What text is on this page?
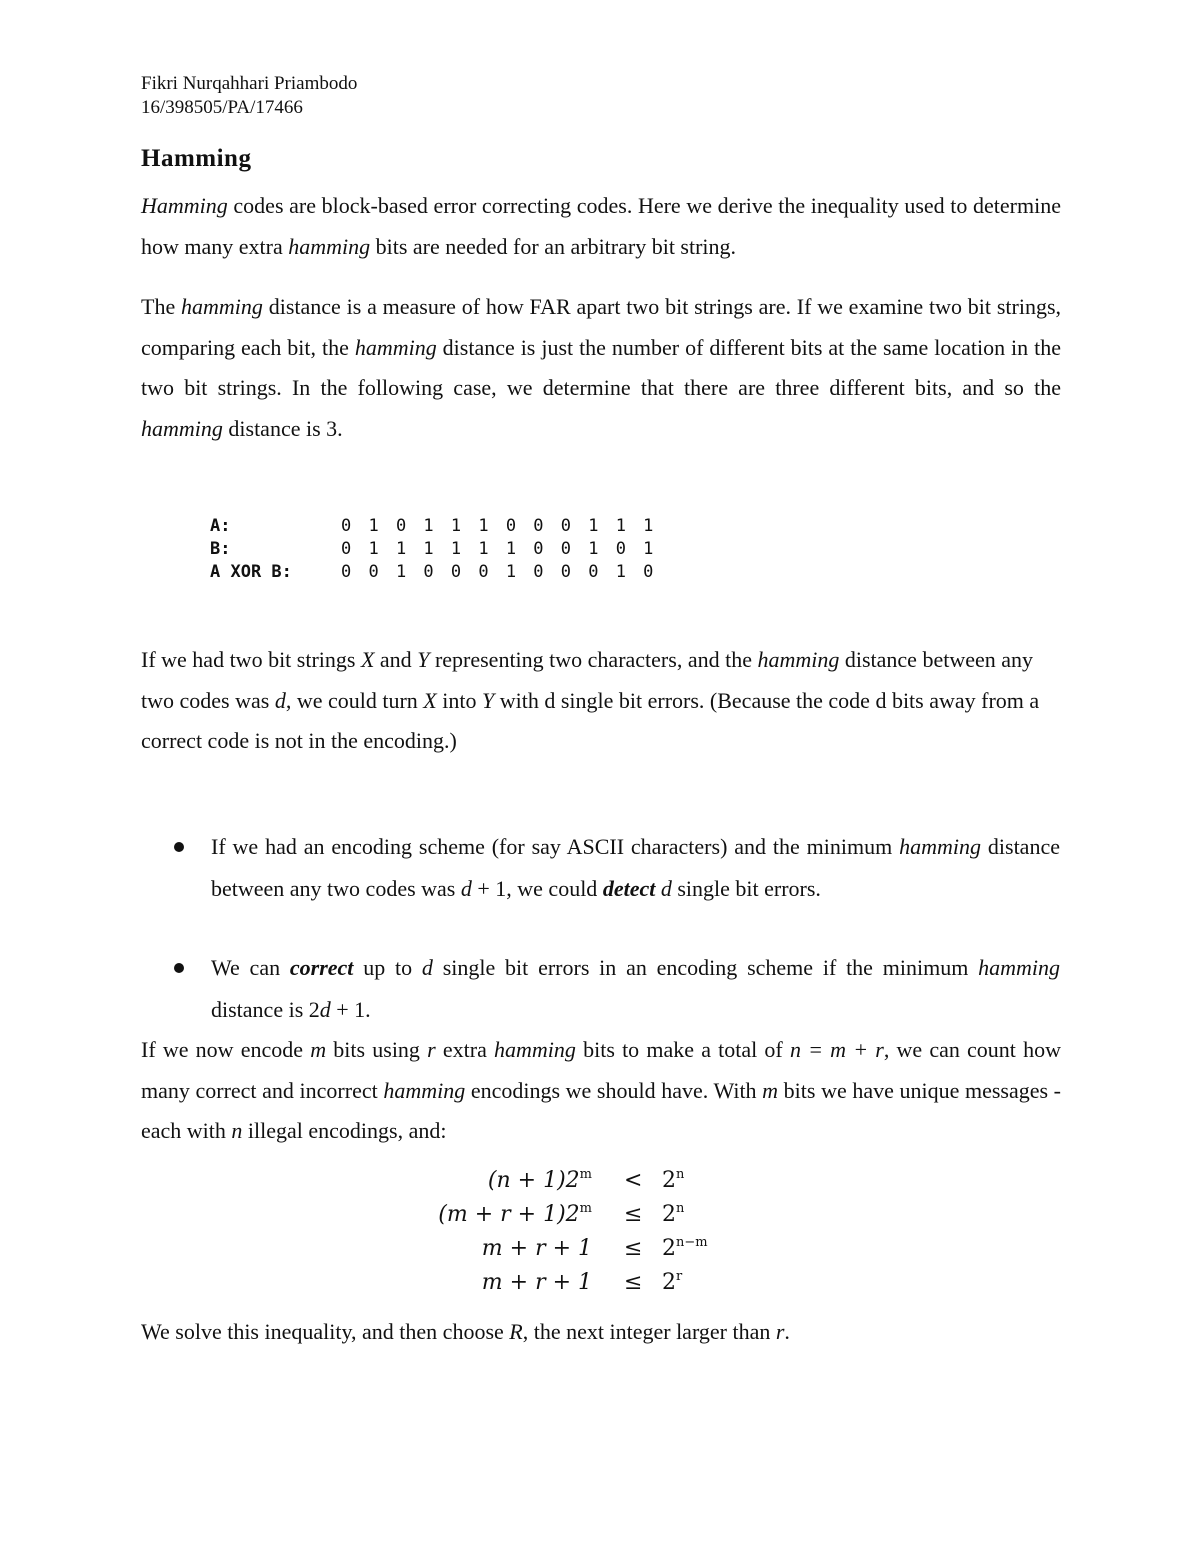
Fikri Nurqahhari Priambodo
16/398505/PA/17466
Hamming

Hamming codes are block-based error correcting codes. Here we derive the inequality used to determine how many extra hamming bits are needed for an arbitrary bit string.

The hamming distance is a measure of how FAR apart two bit strings are. If we examine two bit strings, comparing each bit, the hamming distance is just the number of different bits at the same location in the two bit strings. In the following case, we determine that there are three different bits, and so the hamming distance is 3.

A:	0 1 0 1 1 1 0 0 0 1 1 1
B:	0 1 1 1 1 1 1 0 0 1 0 1
A XOR B:	0 0 1 0 0 0 1 0 0 0 1 0

If we had two bit strings X and Y representing two characters, and the hamming distance between any two codes was d, we could turn X into Y with d single bit errors. (Because the code d bits away from a correct code is not in the encoding.)

If we had an encoding scheme (for say ASCII characters) and the minimum hamming distance between any two codes was d + 1, we could detect d single bit errors.
We can correct up to d single bit errors in an encoding scheme if the minimum hamming distance is 2d + 1.

If we now encode m bits using r extra hamming bits to make a total of n = m + r, we can count how many correct and incorrect hamming encodings we should have. With m bits we have unique messages - each with n illegal encodings, and:

$(n + 1)2^m < 2^n$
$(m + r + 1)2^m \le 2^n$
$m + r + 1 \le 2^{n-m}$
$m + r + 1 \le 2^r$

We solve this inequality, and then choose R, the next integer larger than r.
